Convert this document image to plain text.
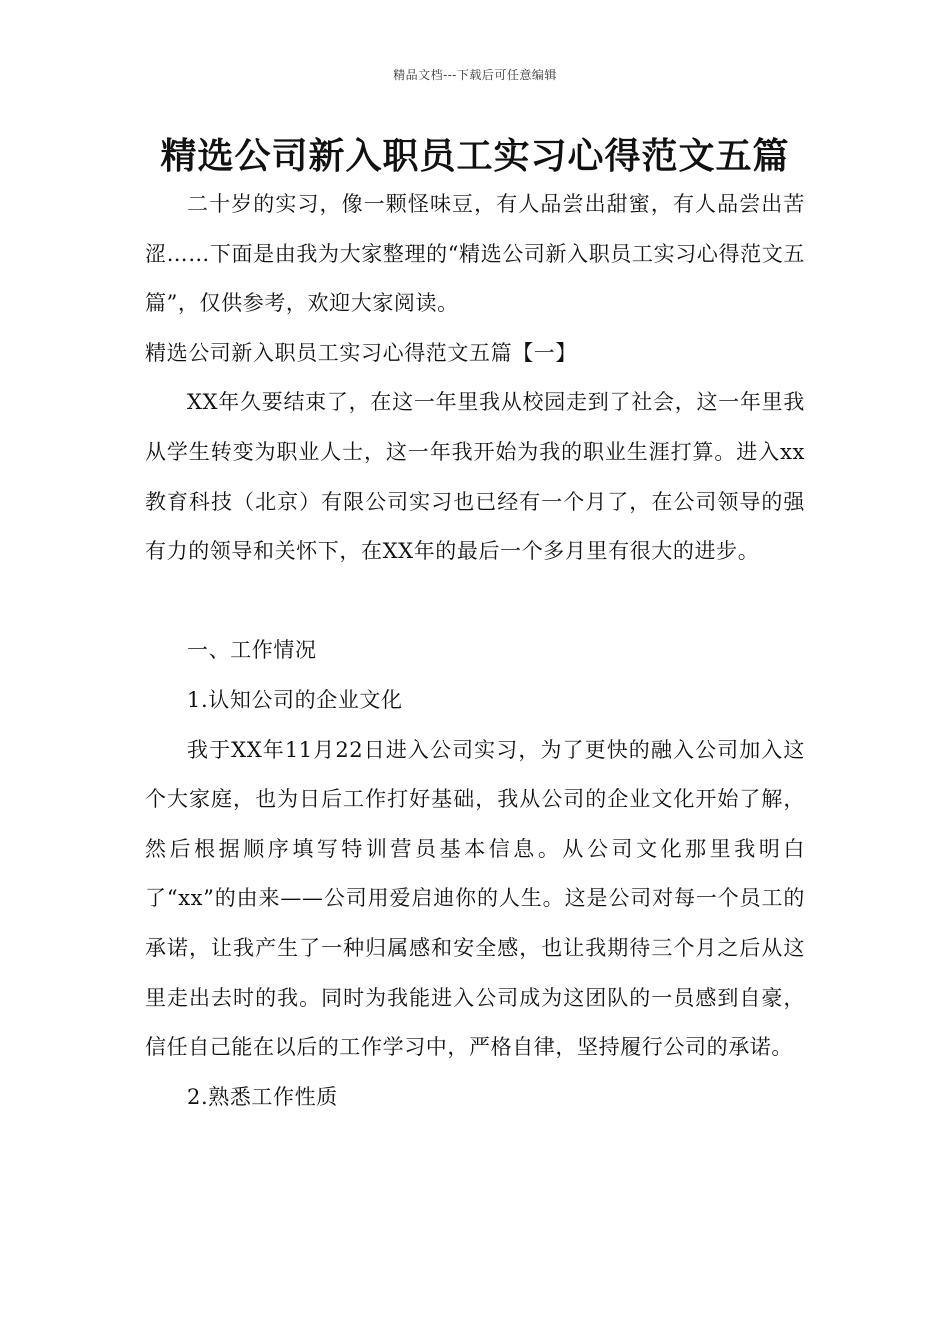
精品文档---下载后可任意编辑
精选公司新入职员工实习心得范文五篇

二十岁的实习，像一颗怪味豆，有人品尝出甜蜜，有人品尝出苦涩……下面是由我为大家整理的“精选公司新入职员工实习心得范文五篇”，仅供参考，欢迎大家阅读。

精选公司新入职员工实习心得范文五篇【一】

XX年久要结束了，在这一年里我从校园走到了社会，这一年里我从学生转变为职业人士，这一年我开始为我的职业生涯打算。进入xx教育科技（北京）有限公司实习也已经有一个月了，在公司领导的强有力的领导和关怀下，在XX年的最后一个多月里有很大的进步。

一、工作情况

1.认知公司的企业文化

我于XX年11月22日进入公司实习，为了更快的融入公司加入这个大家庭，也为日后工作打好基础，我从公司的企业文化开始了解，然后根据顺序填写特训营员基本信息。从公司文化那里我明白了“xx”的由来——公司用爱启迪你的人生。这是公司对每一个员工的承诺，让我产生了一种归属感和安全感，也让我期待三个月之后从这里走出去时的我。同时为我能进入公司成为这团队的一员感到自豪，信任自己能在以后的工作学习中，严格自律，坚持履行公司的承诺。

2.熟悉工作性质
